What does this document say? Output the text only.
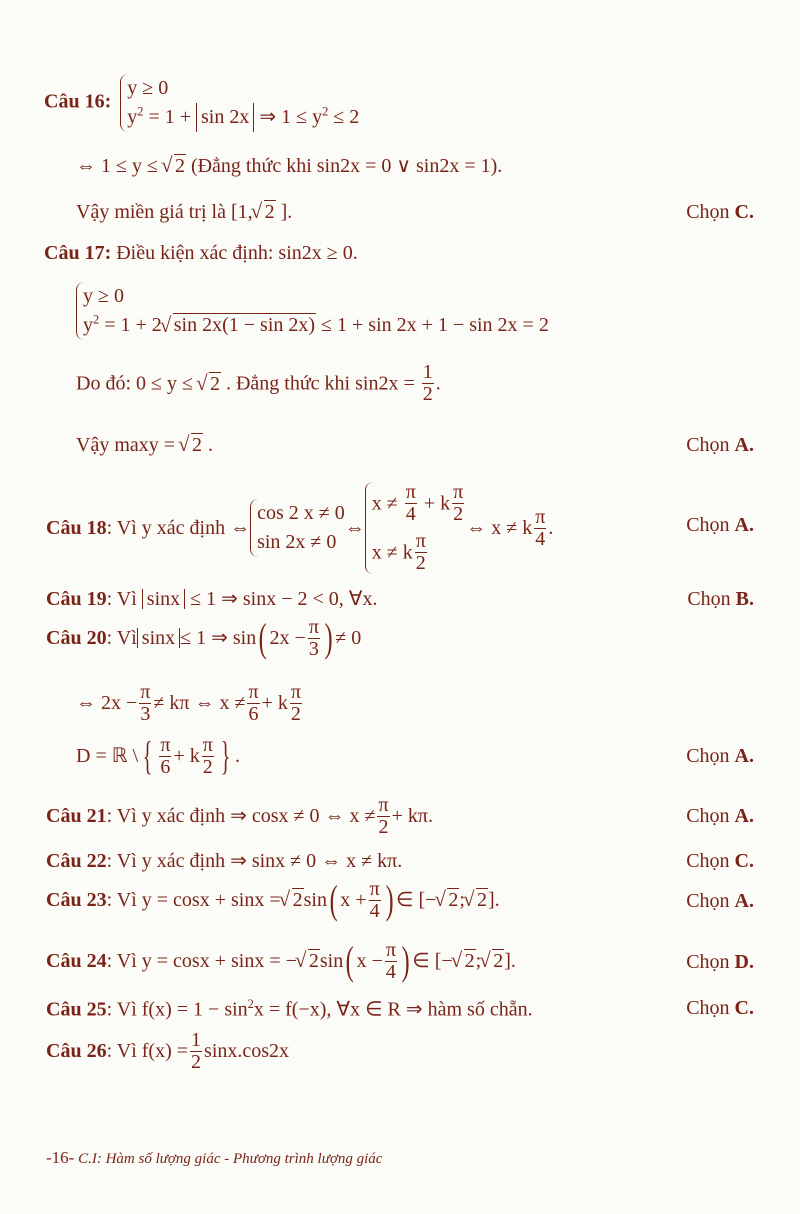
Câu 16:
y ≥ 0
$y^2 = 1 + \sin 2x$ ⇒ $1 \le y^2 \le 2$
⇔ 1 ≤ y ≤ √ 2 (Đẳng thức khi sin2x = 0 ∨ sin2x = 1).
Vậy miền giá trị là [1,√ 2 ].	Chọn C.
Câu 17: Điều kiện xác định: sin2x ≥ 0.
y ≥ 0
$y^2 = 1 + 2√$ sin 2x(1 − sin 2x) ≤ 1 + sin 2x + 1 − sin 2x = 2
Do đó: 0 ≤ y ≤ √ 2 . Đẳng thức khi $\sin 2x = \frac{1}{2}$ .
Vậy maxy = √ 2 .	Chọn A.
Câu 18 : Vì y xác định ⇔
cos 2 x ≠ 0
sin 2x ≠ 0
⇔
$x \ne \frac{\pi}{4} + k \frac{\pi}{2}$
x ≠ k $\frac{\pi}{2}$
⇔ x ≠ k $\frac{\pi}{4}$ .	Chọn A.
Câu 19: Vì sinx ≤ 1 ⇒ sinx − 2 < 0, ∀x.	Chọn B.
Câu 20 : Vì sinx ≤ 1 ⇒ sin ( $2x - \frac{\pi}{3}$ ) ≠ 0
⇔ $2x - \frac{\pi}{3} \ne k\pi$ ⇔ $x \ne \frac{\pi}{6} + k \frac{\pi}{2}$
D = ℝ \ { $\frac{\pi}{6} + k \frac{\pi}{2}$ } .	Chọn A.
Câu 21 : Vì y xác định ⇒ cosx ≠ 0 ⇔ $x \ne \frac{\pi}{2} + k\pi$.	Chọn A.
Câu 22: Vì y xác định ⇒ sinx ≠ 0 ⇔ x ≠ kπ.	Chọn C.
Câu 23 : Vì y = cosx + sinx =
√ 2 sin ( $x + \frac{\pi}{4}$ ) ∈ [−
√ 2 ;
√ 2 ].	Chọn A.
Câu 24 : Vì y = cosx + sinx = −
√ 2 sin ( $x - \frac{\pi}{4}$ ) ∈ [−
√ 2 ;
√ 2 ].	Chọn D.
Câu 25: Vì $f(x) = 1 - \sin^2x = f(-x)$, ∀x ∈ R ⇒ hàm số chẵn.	Chọn C.
Câu 26 : Vì $f(x) = \frac{1}{2} \sin x.\cos 2x$
-16- C.I: Hàm số lượng giác - Phương trình lượng giác
